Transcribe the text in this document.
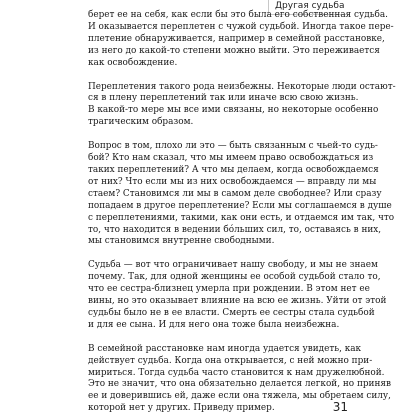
Другая судьба

берет ее на себя, как если бы это была его собственная судьба.
И оказывается переплетен с чужой судьбой. Иногда такое пере-
плетение обнаруживается, например в семейной расстановке,
из него до какой-то степени можно выйти. Это переживается
как освобождение.

Переплетения такого рода неизбежны. Некоторые люди остают-
ся в плену переплетений так или иначе всю свою жизнь.
В какой-то мере мы все ими связаны, но некоторые особенно
трагическим образом.

Вопрос в том, плохо ли это — быть связанным с чьей-то судь-
бой? Кто нам сказал, что мы имеем право освобождаться из
таких переплетений? А что мы делаем, когда освобождаемся
от них? Что если мы из них освобождаемся — вправду ли мы
стаем? Становимся ли мы в самом деле свободнее? Или сразу
попадаем в другое переплетение? Если мы соглашаемся в душе
с переплетениями, такими, как они есть, и отдаемся им так, что
то, что находится в ведении бóльших сил, то, оставаясь в них,
мы становимся внутренне свободными.

Судьба — вот что ограничивает нашу свободу, и мы не знаем
почему. Так, для одной женщины ее особой судьбой стало то,
что ее сестра-близнец умерла при рождении. В этом нет ее
вины, но это оказывает влияние на всю ее жизнь. Уйти от этой
судьбы было не в ее власти. Смерть ее сестры стала судьбой
и для ее сына. И для него она тоже была неизбежна.

В семейной расстановке нам иногда удается увидеть, как
действует судьба. Когда она открывается, с ней можно при-
мириться. Тогда судьба часто становится к нам дружелюбной.
Это не значит, что она обязательно делается легкой, но приняв
ее и доверившись ей, даже если она тяжела, мы обретаем силу,
которой нет у других. Приведу пример.	31
